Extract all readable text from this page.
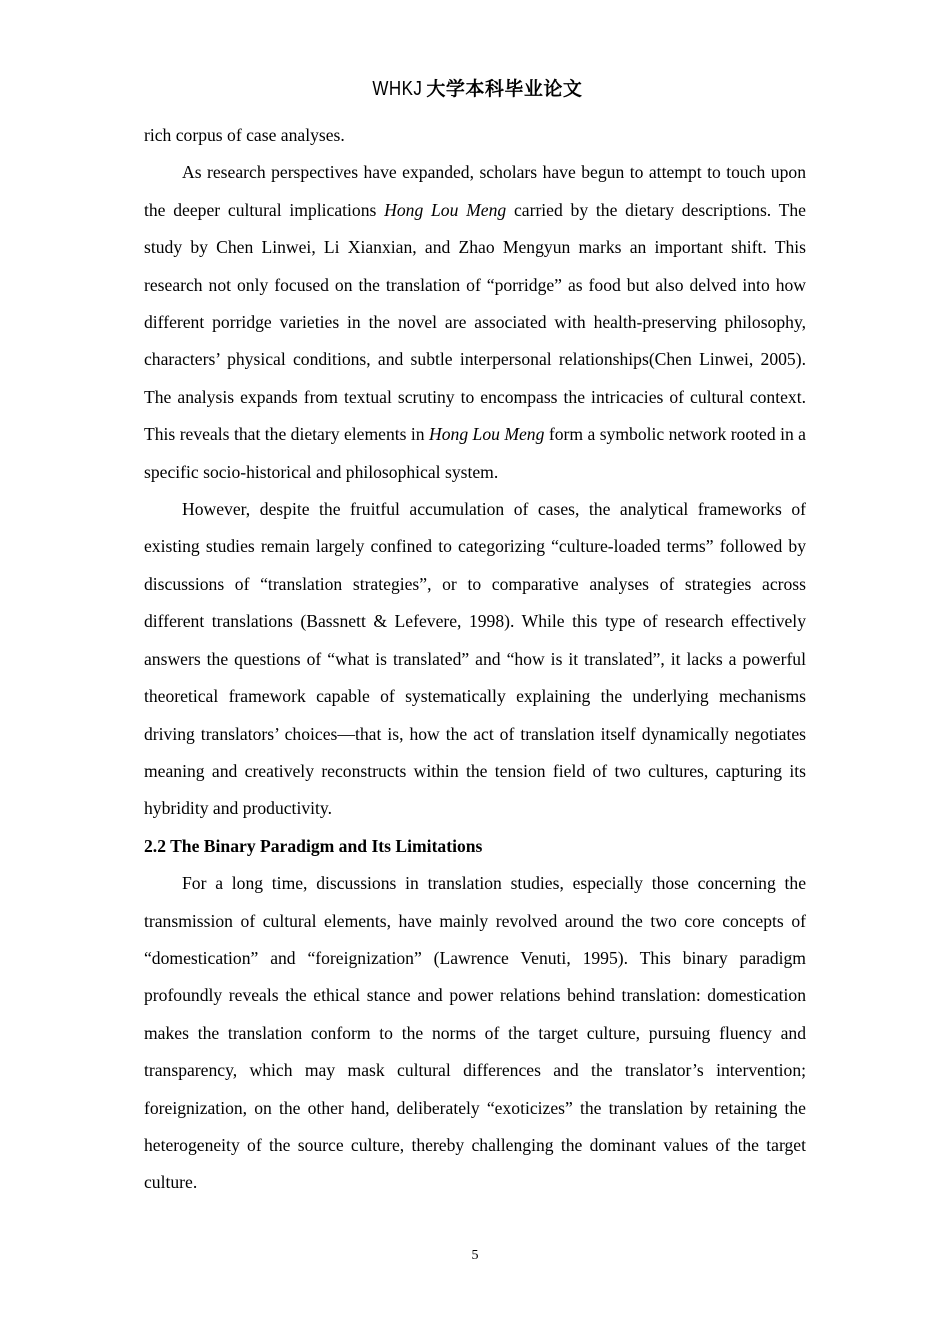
WHKJ 大学本科毕业论文

rich corpus of case analyses.

As research perspectives have expanded, scholars have begun to attempt to touch upon the deeper cultural implications Hong Lou Meng carried by the dietary descriptions. The study by Chen Linwei, Li Xianxian, and Zhao Mengyun marks an important shift. This research not only focused on the translation of “porridge” as food but also delved into how different porridge varieties in the novel are associated with health-preserving philosophy, characters’ physical conditions, and subtle interpersonal relationships(Chen Linwei, 2005). The analysis expands from textual scrutiny to encompass the intricacies of cultural context. This reveals that the dietary elements in Hong Lou Meng form a symbolic network rooted in a specific socio-historical and philosophical system.

However, despite the fruitful accumulation of cases, the analytical frameworks of existing studies remain largely confined to categorizing “culture-loaded terms” followed by discussions of “translation strategies”, or to comparative analyses of strategies across different translations (Bassnett & Lefevere, 1998). While this type of research effectively answers the questions of “what is translated” and “how is it translated”, it lacks a powerful theoretical framework capable of systematically explaining the underlying mechanisms driving translators’ choices—that is, how the act of translation itself dynamically negotiates meaning and creatively reconstructs within the tension field of two cultures, capturing its hybridity and productivity.

2.2 The Binary Paradigm and Its Limitations

For a long time, discussions in translation studies, especially those concerning the transmission of cultural elements, have mainly revolved around the two core concepts of “domestication” and “foreignization” (Lawrence Venuti, 1995). This binary paradigm profoundly reveals the ethical stance and power relations behind translation: domestication makes the translation conform to the norms of the target culture, pursuing fluency and transparency, which may mask cultural differences and the translator’s intervention; foreignization, on the other hand, deliberately “exoticizes” the translation by retaining the heterogeneity of the source culture, thereby challenging the dominant values of the target culture.

5
